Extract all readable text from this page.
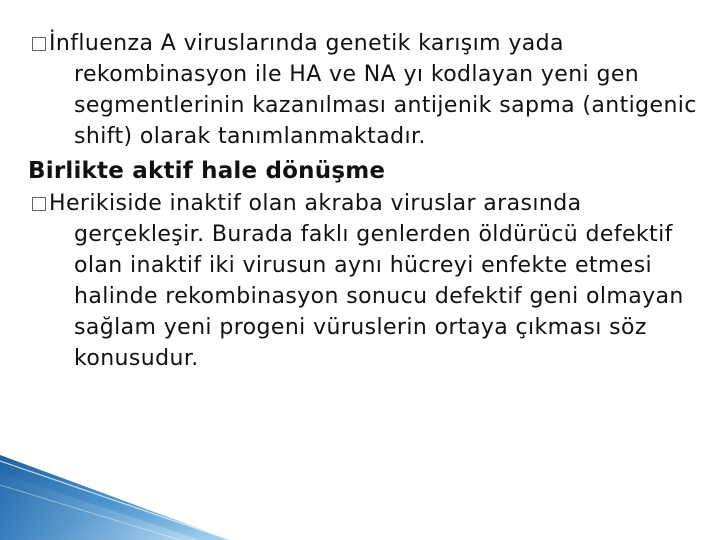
İnfluenza A viruslarında genetik karışım yada rekombinasyon ile HA ve NA yı kodlayan yeni gen segmentlerinin kazanılması antijenik sapma (antigenic shift) olarak tanımlanmaktadır.
Birlikte aktif hale dönüşme
Herikiside inaktif olan akraba viruslar arasında gerçekleşir. Burada faklı genlerden öldürücü defektif olan inaktif iki virusun aynı hücreyi enfekte etmesi halinde rekombinasyon sonucu defektif geni olmayan sağlam yeni progeni vüruslerin ortaya çıkması söz konusudur.
